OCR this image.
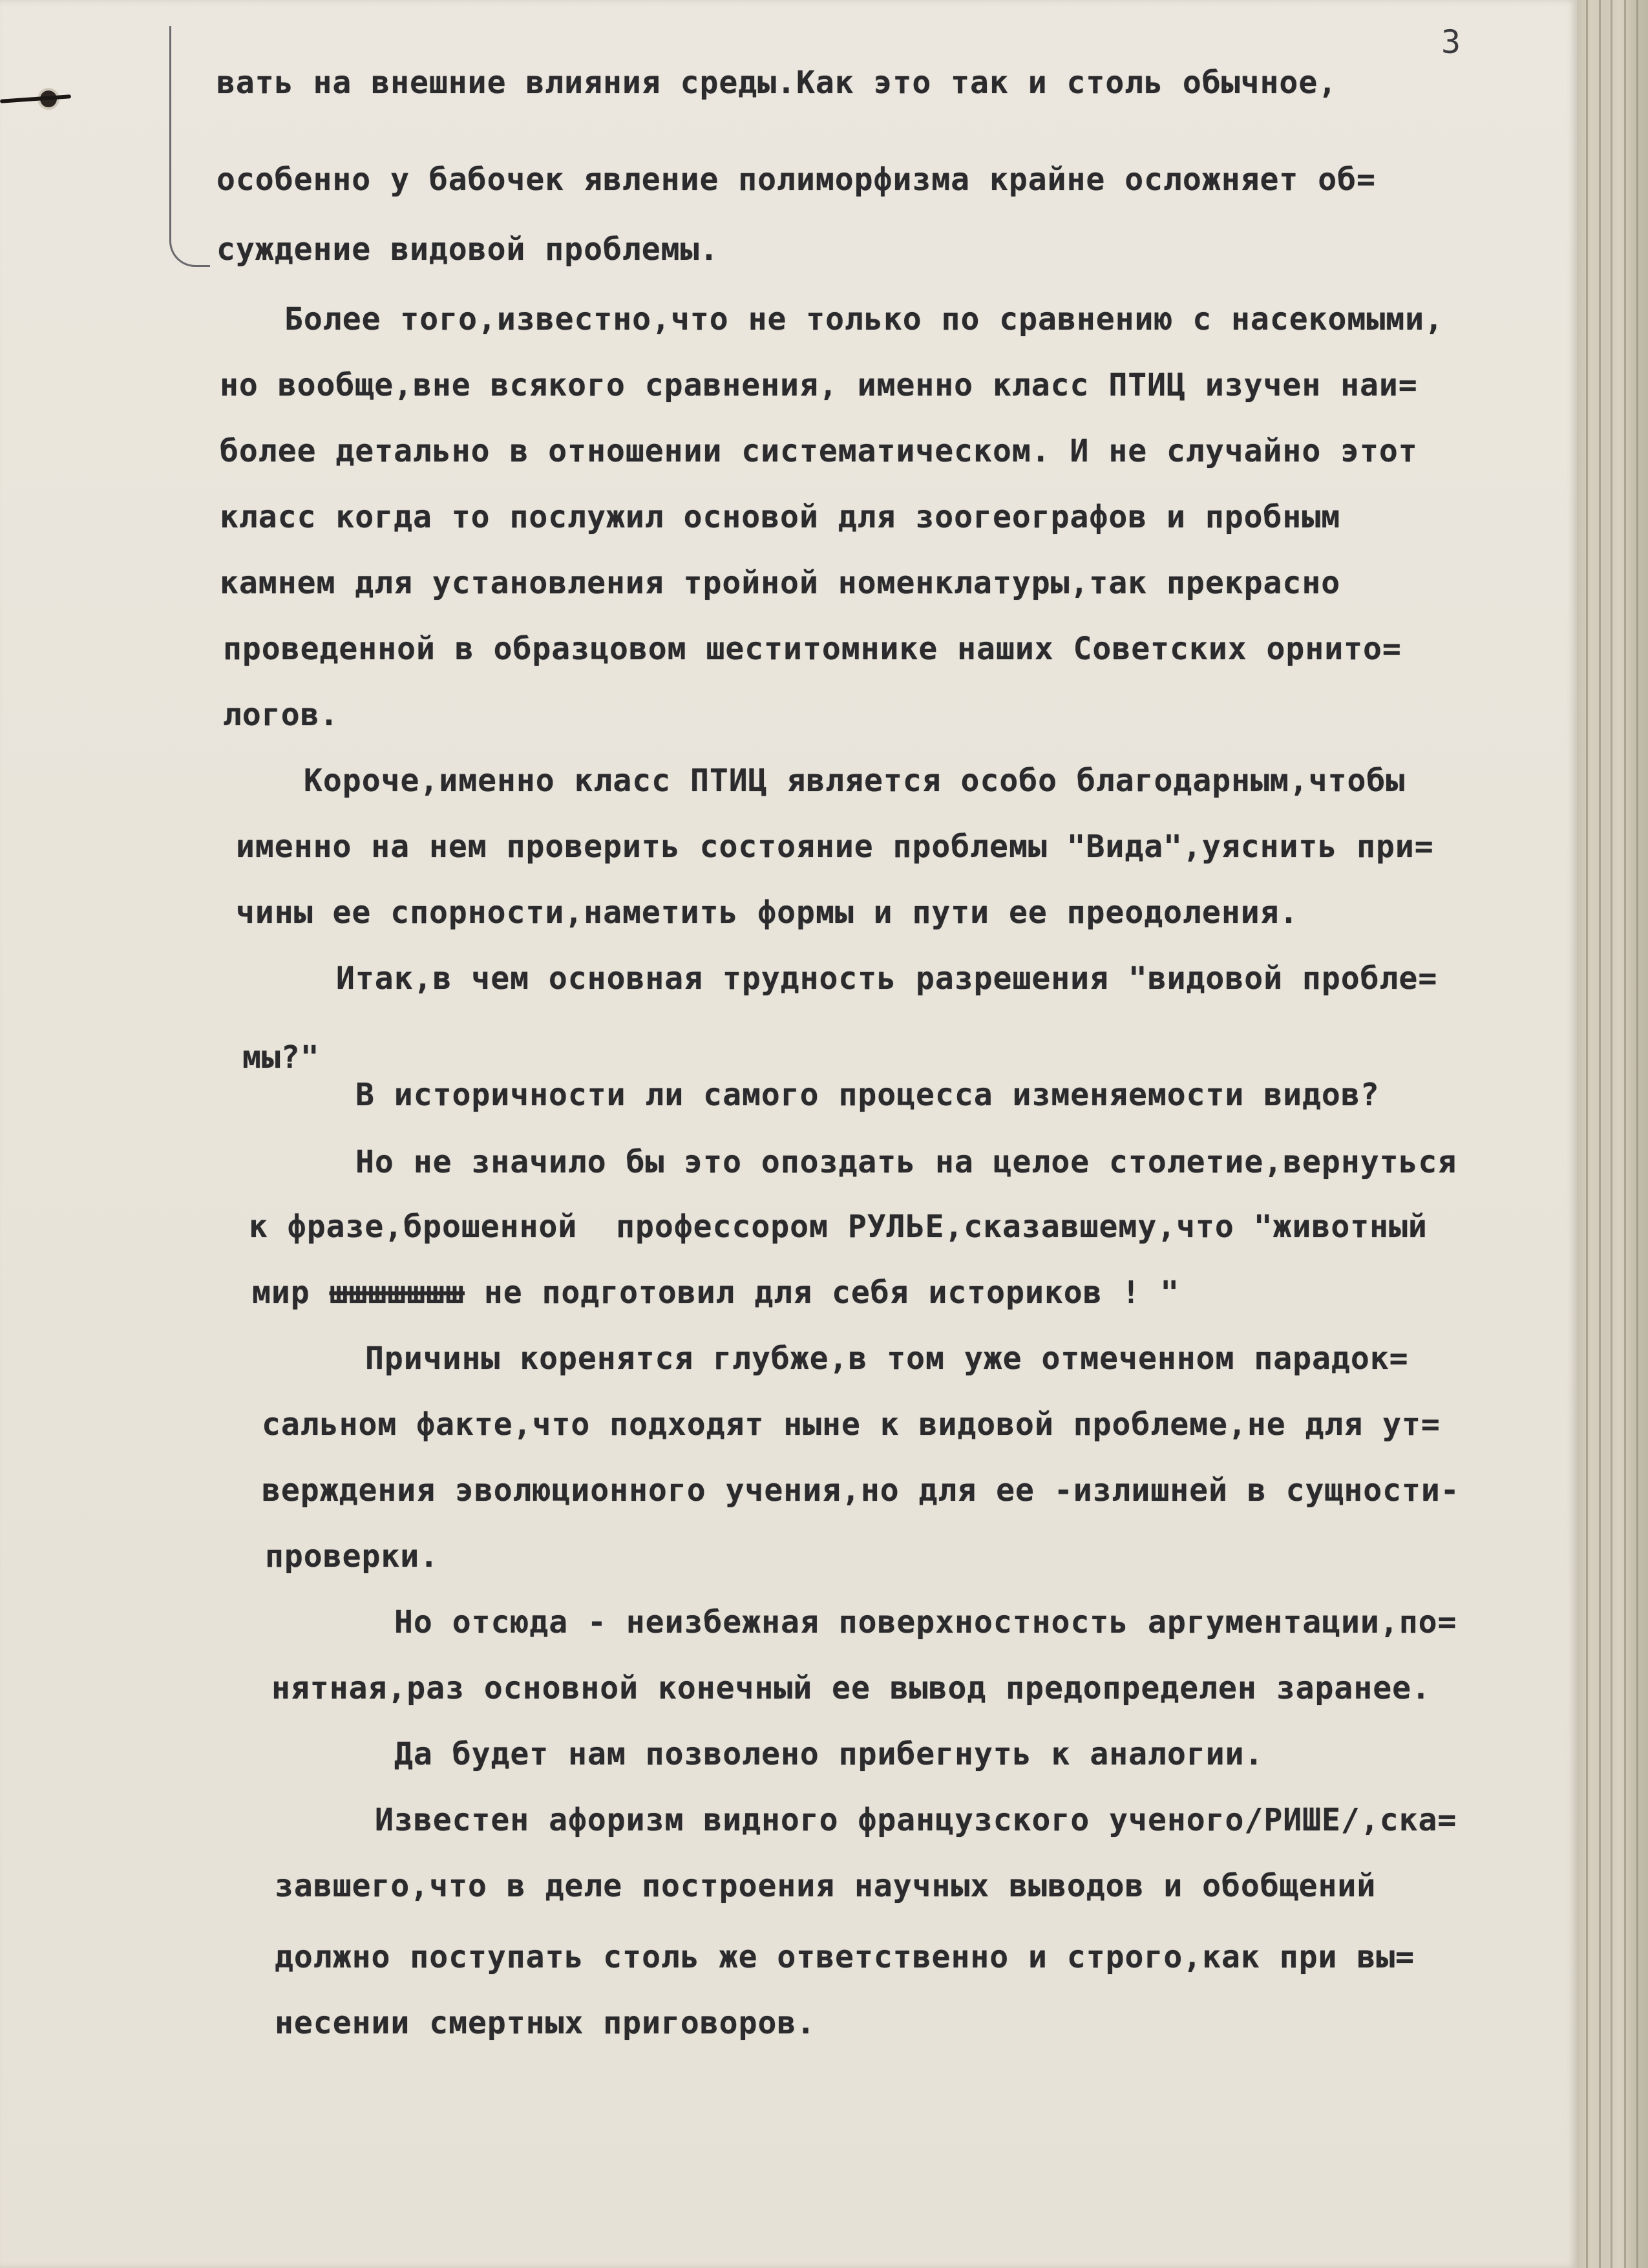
3
вать на внешние влияния среды.Как это так и столь обычное,
особенно у бабочек явление полиморфизма крайне осложняет об=
суждение видовой проблемы.
Более того,известно,что не только по сравнению с насекомыми,
но вообще,вне всякого сравнения, именно класс ПТИЦ изучен наи=
более детально в отношении систематическом. И не случайно этот
класс когда то послужил основой для зоогеографов и пробным
камнем для установления тройной номенклатуры,так прекрасно
проведенной в образцовом шеститомнике наших Советских орнито=
логов.
Короче,именно класс ПТИЦ является особо благодарным,чтобы
именно на нем проверить состояние проблемы "Вида",уяснить при=
чины ее спорности,наметить формы и пути ее преодоления.
Итак,в чем основная трудность разрешения "видовой пробле=
мы?"
В историчности ли самого процесса изменяемости видов?
Но не значило бы это опоздать на целое столетие,вернуться
к фразе,брошенной  профессором РУЛЬЕ,сказавшему,что "животный
мир шшшшшшш не подготовил для себя историков ! "
Причины коренятся глубже,в том уже отмеченном парадок=
сальном факте,что подходят ныне к видовой проблеме,не для ут=
верждения эволюционного учения,но для ее -излишней в сущности-
проверки.
Но отсюда - неизбежная поверхностность аргументации,по=
нятная,раз основной конечный ее вывод предопределен заранее.
Да будет нам позволено прибегнуть к аналогии.
Известен афоризм видного французского ученого/РИШЕ/,ска=
завшего,что в деле построения научных выводов и обобщений
должно поступать столь же ответственно и строго,как при вы=
несении смертных приговоров.
